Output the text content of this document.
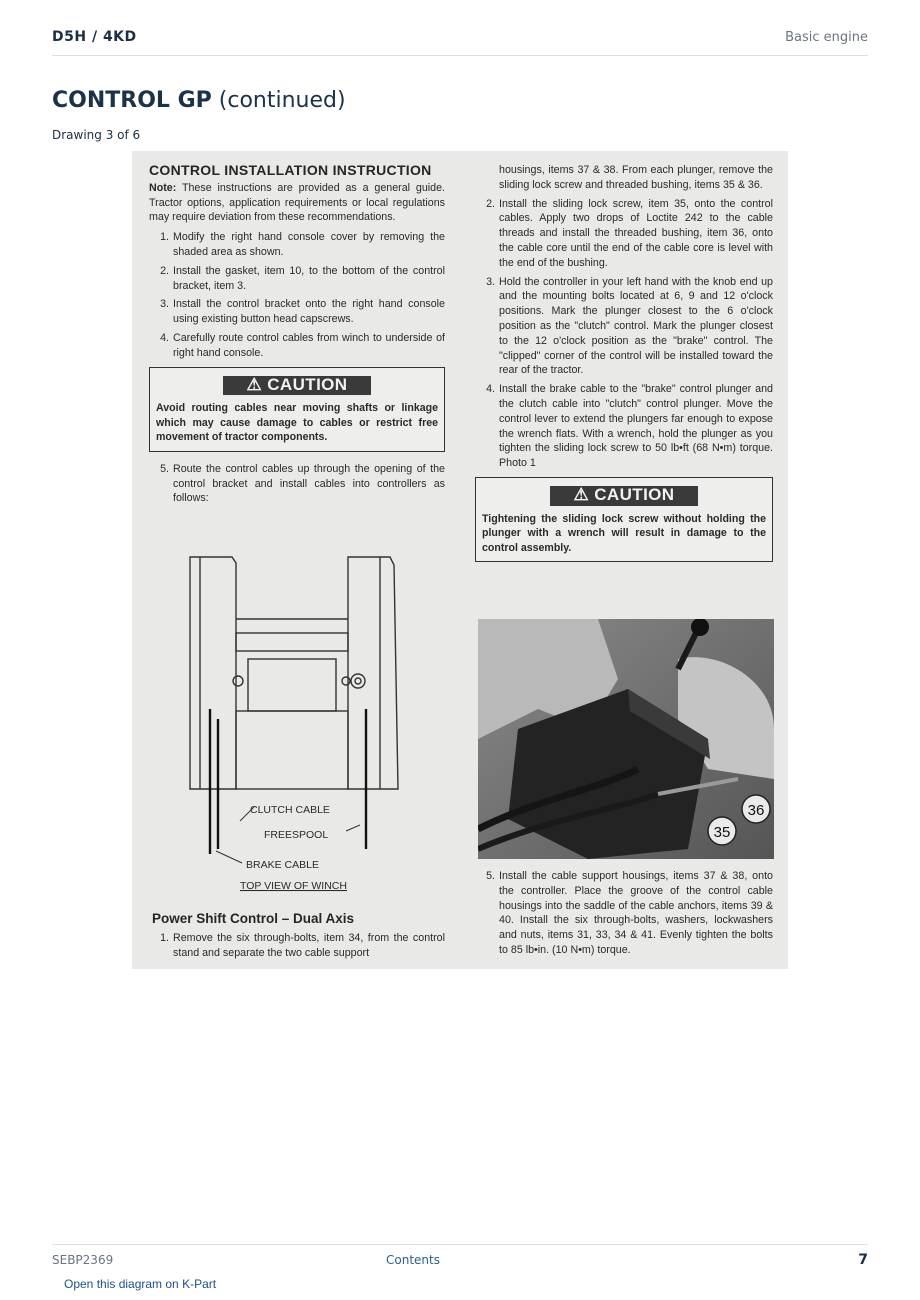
D5H / 4KD	Basic engine
CONTROL GP (continued)
Drawing 3 of 6
CONTROL INSTALLATION INSTRUCTION
Note: These instructions are provided as a general guide. Tractor options, application requirements or local regulations may require deviation from these recommendations.
1. Modify the right hand console cover by removing the shaded area as shown.
2. Install the gasket, item 10, to the bottom of the control bracket, item 3.
3. Install the control bracket onto the right hand console using existing button head capscrews.
4. Carefully route control cables from winch to underside of right hand console.
⚠ CAUTION
Avoid routing cables near moving shafts or linkage which may cause damage to cables or restrict free movement of tractor components.
5. Route the control cables up through the opening of the control bracket and install cables into controllers as follows:
CLUTCH CABLE
FREESPOOL
BRAKE CABLE
TOP VIEW OF WINCH
Power Shift Control – Dual Axis
1. Remove the six through-bolts, item 34, from the control stand and separate the two cable support
housings, items 37 & 38. From each plunger, remove the sliding lock screw and threaded bushing, items 35 & 36.
2. Install the sliding lock screw, item 35, onto the control cables. Apply two drops of Loctite 242 to the cable threads and install the threaded bushing, item 36, onto the cable core until the end of the cable core is level with the end of the bushing.
3. Hold the controller in your left hand with the knob end up and the mounting bolts located at 6, 9 and 12 o'clock positions. Mark the plunger closest to the 6 o'clock position as the "clutch" control. Mark the plunger closest to the 12 o'clock position as the "brake" control. The "clipped" corner of the control will be installed toward the rear of the tractor.
4. Install the brake cable to the "brake" control plunger and the clutch cable into "clutch" control plunger. Move the control lever to extend the plungers far enough to expose the wrench flats. With a wrench, hold the plunger as you tighten the sliding lock screw to 50 lb•ft (68 N•m) torque. Photo 1
⚠ CAUTION
Tightening the sliding lock screw without holding the plunger with a wrench will result in damage to the control assembly.
36
35
5. Install the cable support housings, items 37 & 38, onto the controller. Place the groove of the control cable housings into the saddle of the cable anchors, items 39 & 40. Install the six through-bolts, washers, lockwashers and nuts, items 31, 33, 34 & 41. Evenly tighten the bolts to 85 lb•in. (10 N•m) torque.
SEBP2369	Contents	7
Open this diagram on K-Part
